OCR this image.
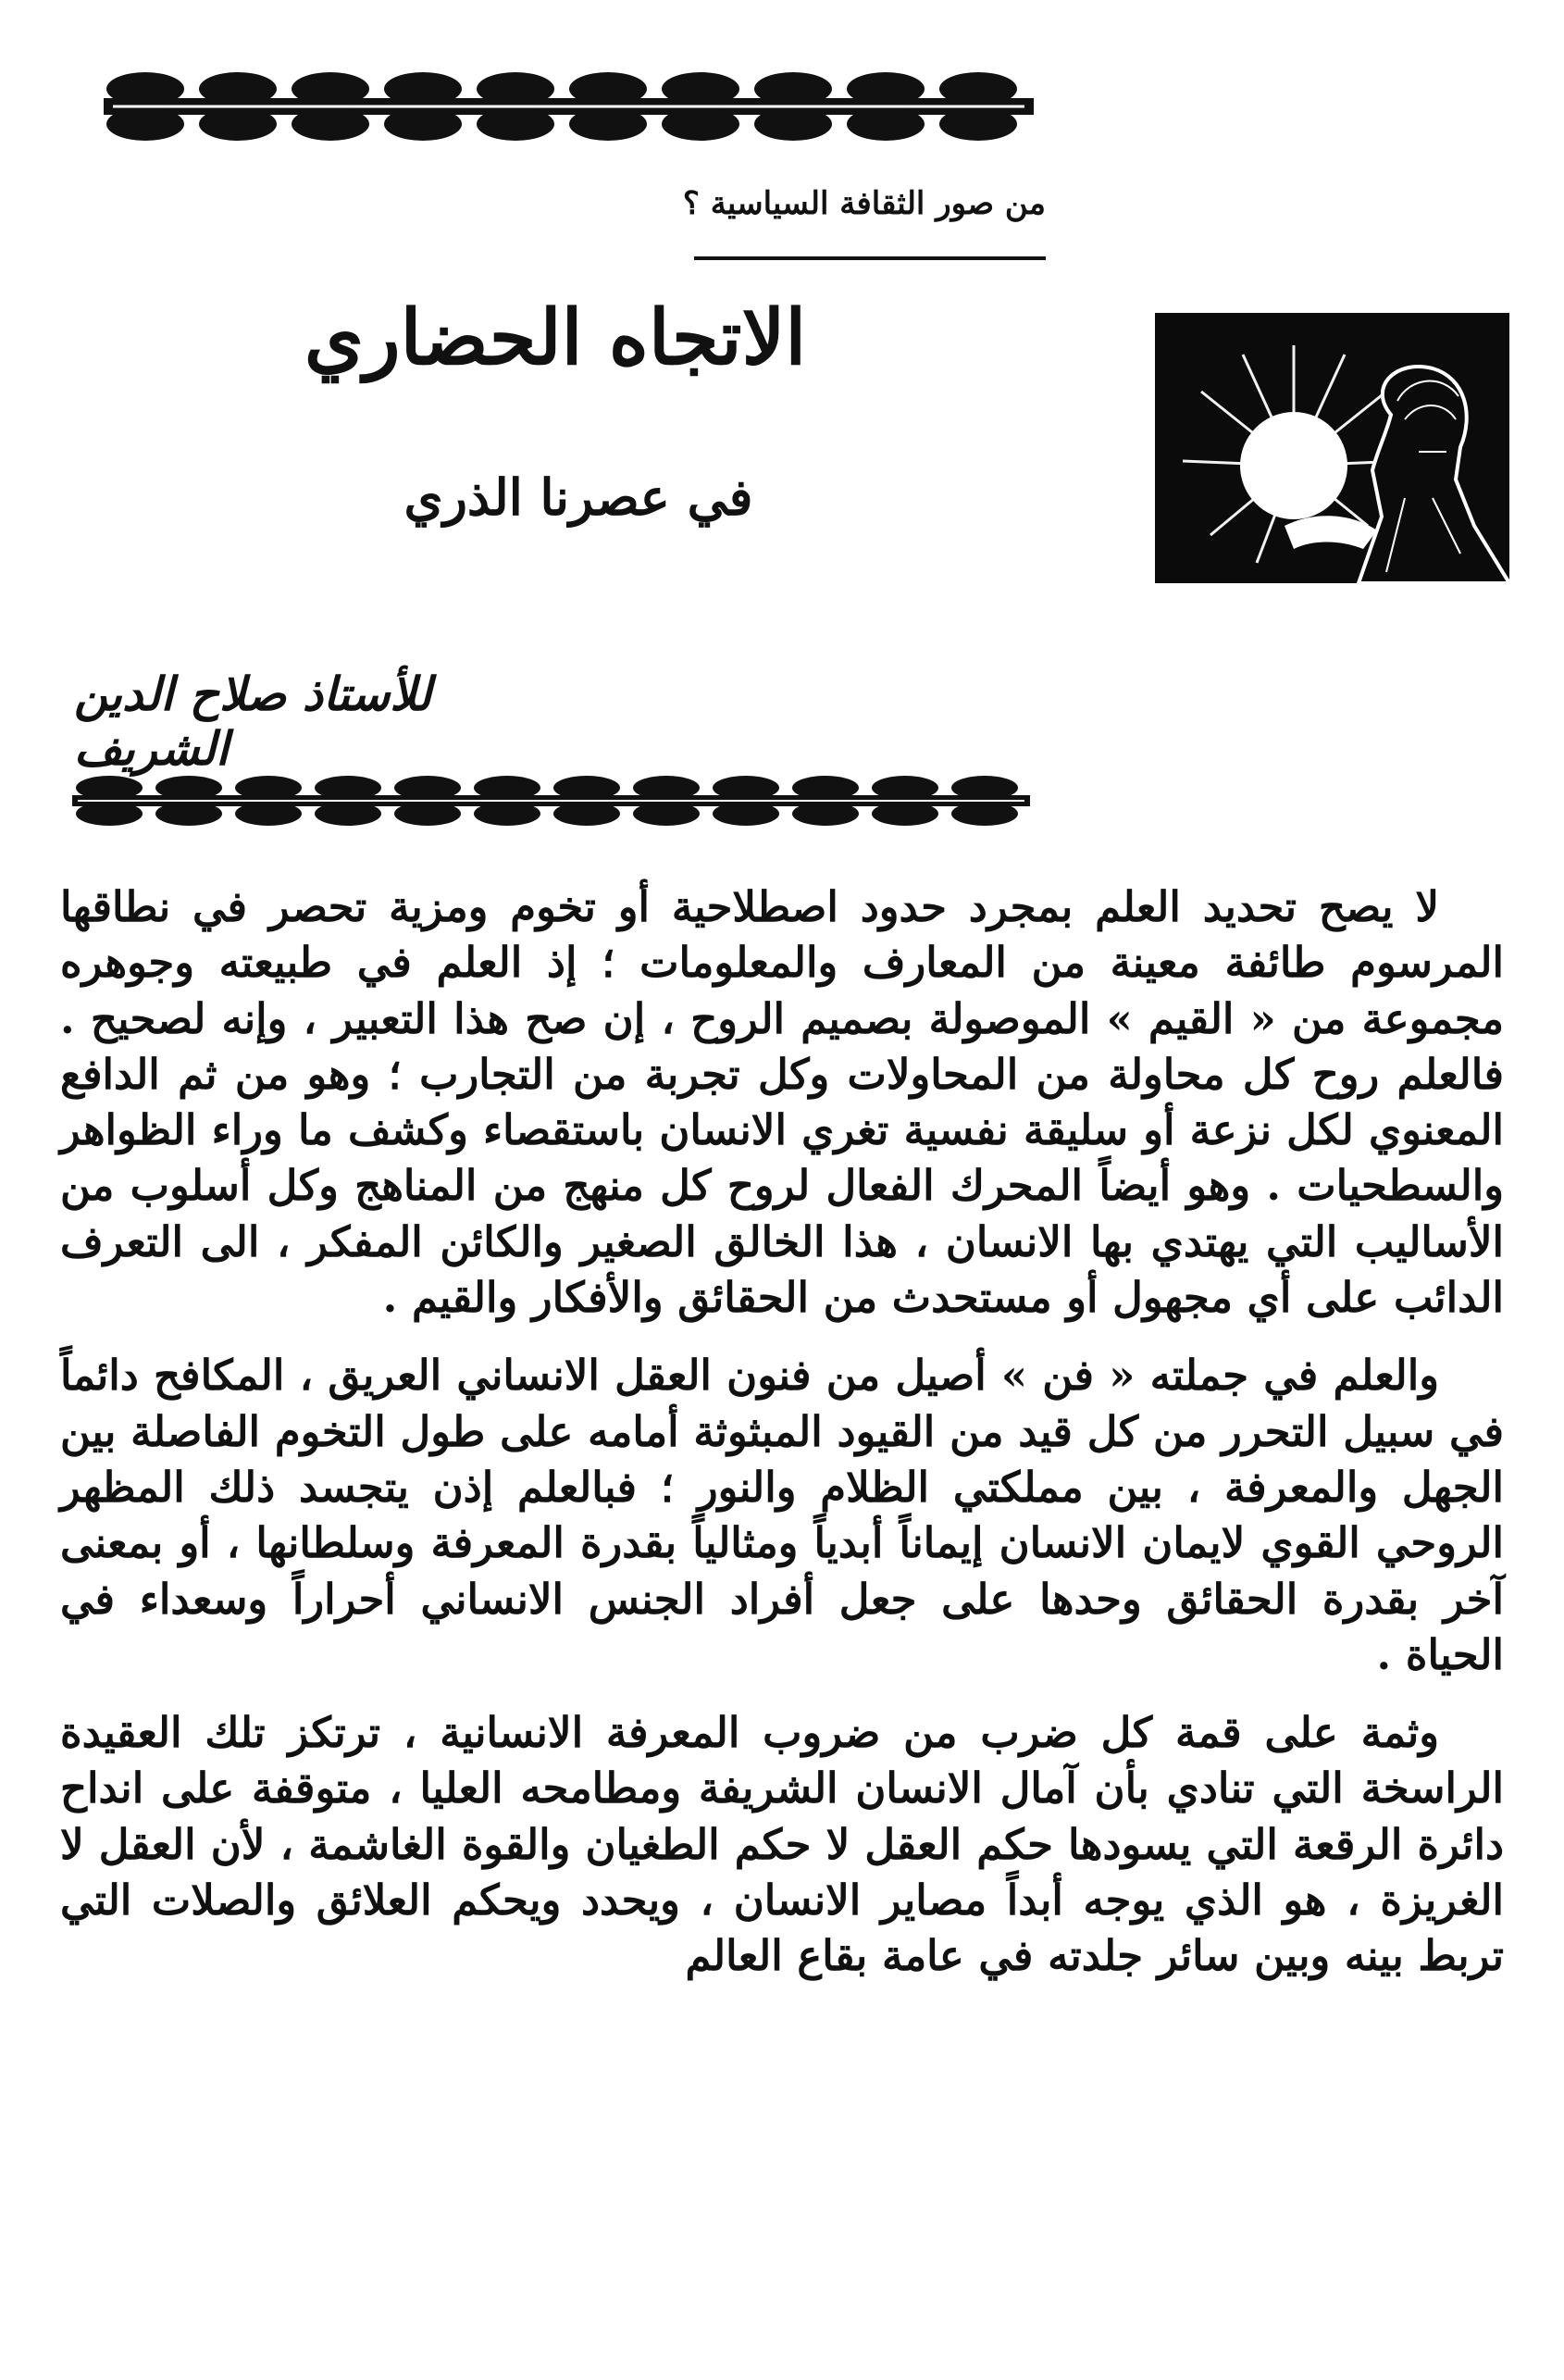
من صور الثقافة السياسية ؟
الاتجاه الحضاري
في عصرنا الذري
للأستاذ صلاح الدين الشريف

لا يصح تحديد العلم بمجرد حدود اصطلاحية أو تخوم ومزية تحصر في نطاقها المرسوم طائفة معينة من المعارف والمعلومات ؛ إذ العلم في طبيعته وجوهره مجموعة من « القيم » الموصولة بصميم الروح ، إن صح هذا التعبير ، وإنه لصحيح . فالعلم روح كل محاولة من المحاولات وكل تجربة من التجارب ؛ وهو من ثم الدافع المعنوي لكل نزعة أو سليقة نفسية تغري الانسان باستقصاء وكشف ما وراء الظواهر والسطحيات . وهو أيضاً المحرك الفعال لروح كل منهج من المناهج وكل أسلوب من الأساليب التي يهتدي بها الانسان ، هذا الخالق الصغير والكائن المفكر ، الى التعرف الدائب على أي مجهول أو مستحدث من الحقائق والأفكار والقيم .

والعلم في جملته « فن » أصيل من فنون العقل الانساني العريق ، المكافح دائماً في سبيل التحرر من كل قيد من القيود المبثوثة أمامه على طول التخوم الفاصلة بين الجهل والمعرفة ، بين مملكتي الظلام والنور ؛ فبالعلم إذن يتجسد ذلك المظهر الروحي القوي لايمان الانسان إيماناً أبدياً ومثالياً بقدرة المعرفة وسلطانها ، أو بمعنى آخر بقدرة الحقائق وحدها على جعل أفراد الجنس الانساني أحراراً وسعداء في الحياة .

وثمة على قمة كل ضرب من ضروب المعرفة الانسانية ، ترتكز تلك العقيدة الراسخة التي تنادي بأن آمال الانسان الشريفة ومطامحه العليا ، متوقفة على انداح دائرة الرقعة التي يسودها حكم العقل لا حكم الطغيان والقوة الغاشمة ، لأن العقل لا الغريزة ، هو الذي يوجه أبداً مصاير الانسان ، ويحدد ويحكم العلائق والصلات التي تربط بينه وبين سائر جلدته في عامة بقاع العالم
